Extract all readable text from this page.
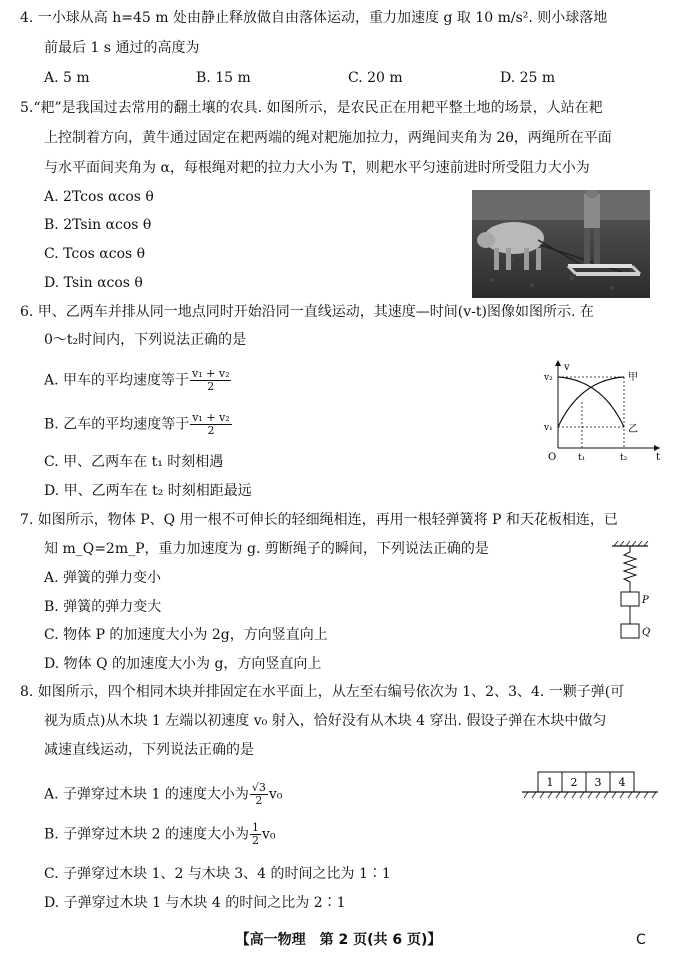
4. 一小球从高 h=45 m 处由静止释放做自由落体运动，重力加速度 g 取 10 m/s². 则小球落地
前最后 1 s 通过的高度为
A. 5 m	B. 15 m	C. 20 m	D. 25 m
5.“耙”是我国过去常用的翻土壤的农具. 如图所示，是农民正在用耙平整土地的场景，人站在耙
上控制着方向，黄牛通过固定在耙两端的绳对耙施加拉力，两绳间夹角为 2θ，两绳所在平面
与水平面间夹角为 α，每根绳对耙的拉力大小为 T，则耙水平匀速前进时所受阻力大小为
A. 2Tcos αcos θ
B. 2Tsin αcos θ
C. Tcos αcos θ
D. Tsin αcos θ
6. 甲、乙两车并排从同一地点同时开始沿同一直线运动，其速度—时间(v-t)图像如图所示. 在
0～t₂时间内，下列说法正确的是
A. 甲车的平均速度等于 $\frac{\text{v₁ + v₂}}{2}$
B. 乙车的平均速度等于 $\frac{\text{v₁ + v₂}}{2}$
C. 甲、乙两车在 t₁ 时刻相遇
D. 甲、乙两车在 t₂ 时刻相距最远
v
t
O
v₂
v₁
t₁	t₂
甲
乙
7. 如图所示，物体 P、Q 用一根不可伸长的轻细绳相连，再用一根轻弹簧将 P 和天花板相连，已
知 m_Q=2m_P，重力加速度为 g. 剪断绳子的瞬间，下列说法正确的是
A. 弹簧的弹力变小
B. 弹簧的弹力变大
C. 物体 P 的加速度大小为 2g，方向竖直向上
D. 物体 Q 的加速度大小为 g，方向竖直向上
P
Q
8. 如图所示，四个相同木块并排固定在水平面上，从左至右编号依次为 1、2、3、4. 一颗子弹(可
视为质点)从木块 1 左端以初速度 v₀ 射入，恰好没有从木块 4 穿出. 假设子弹在木块中做匀
减速直线运动，下列说法正确的是
A. 子弹穿过木块 1 的速度大小为 $\frac{√3}{2} v_0$
B. 子弹穿过木块 2 的速度大小为 $\frac{1}{2} v_0$
C. 子弹穿过木块 1、2 与木块 3、4 的时间之比为 1∶1
D. 子弹穿过木块 1 与木块 4 的时间之比为 2∶1
1 2 3 4
【高一物理　第 2 页(共 6 页)】	C
